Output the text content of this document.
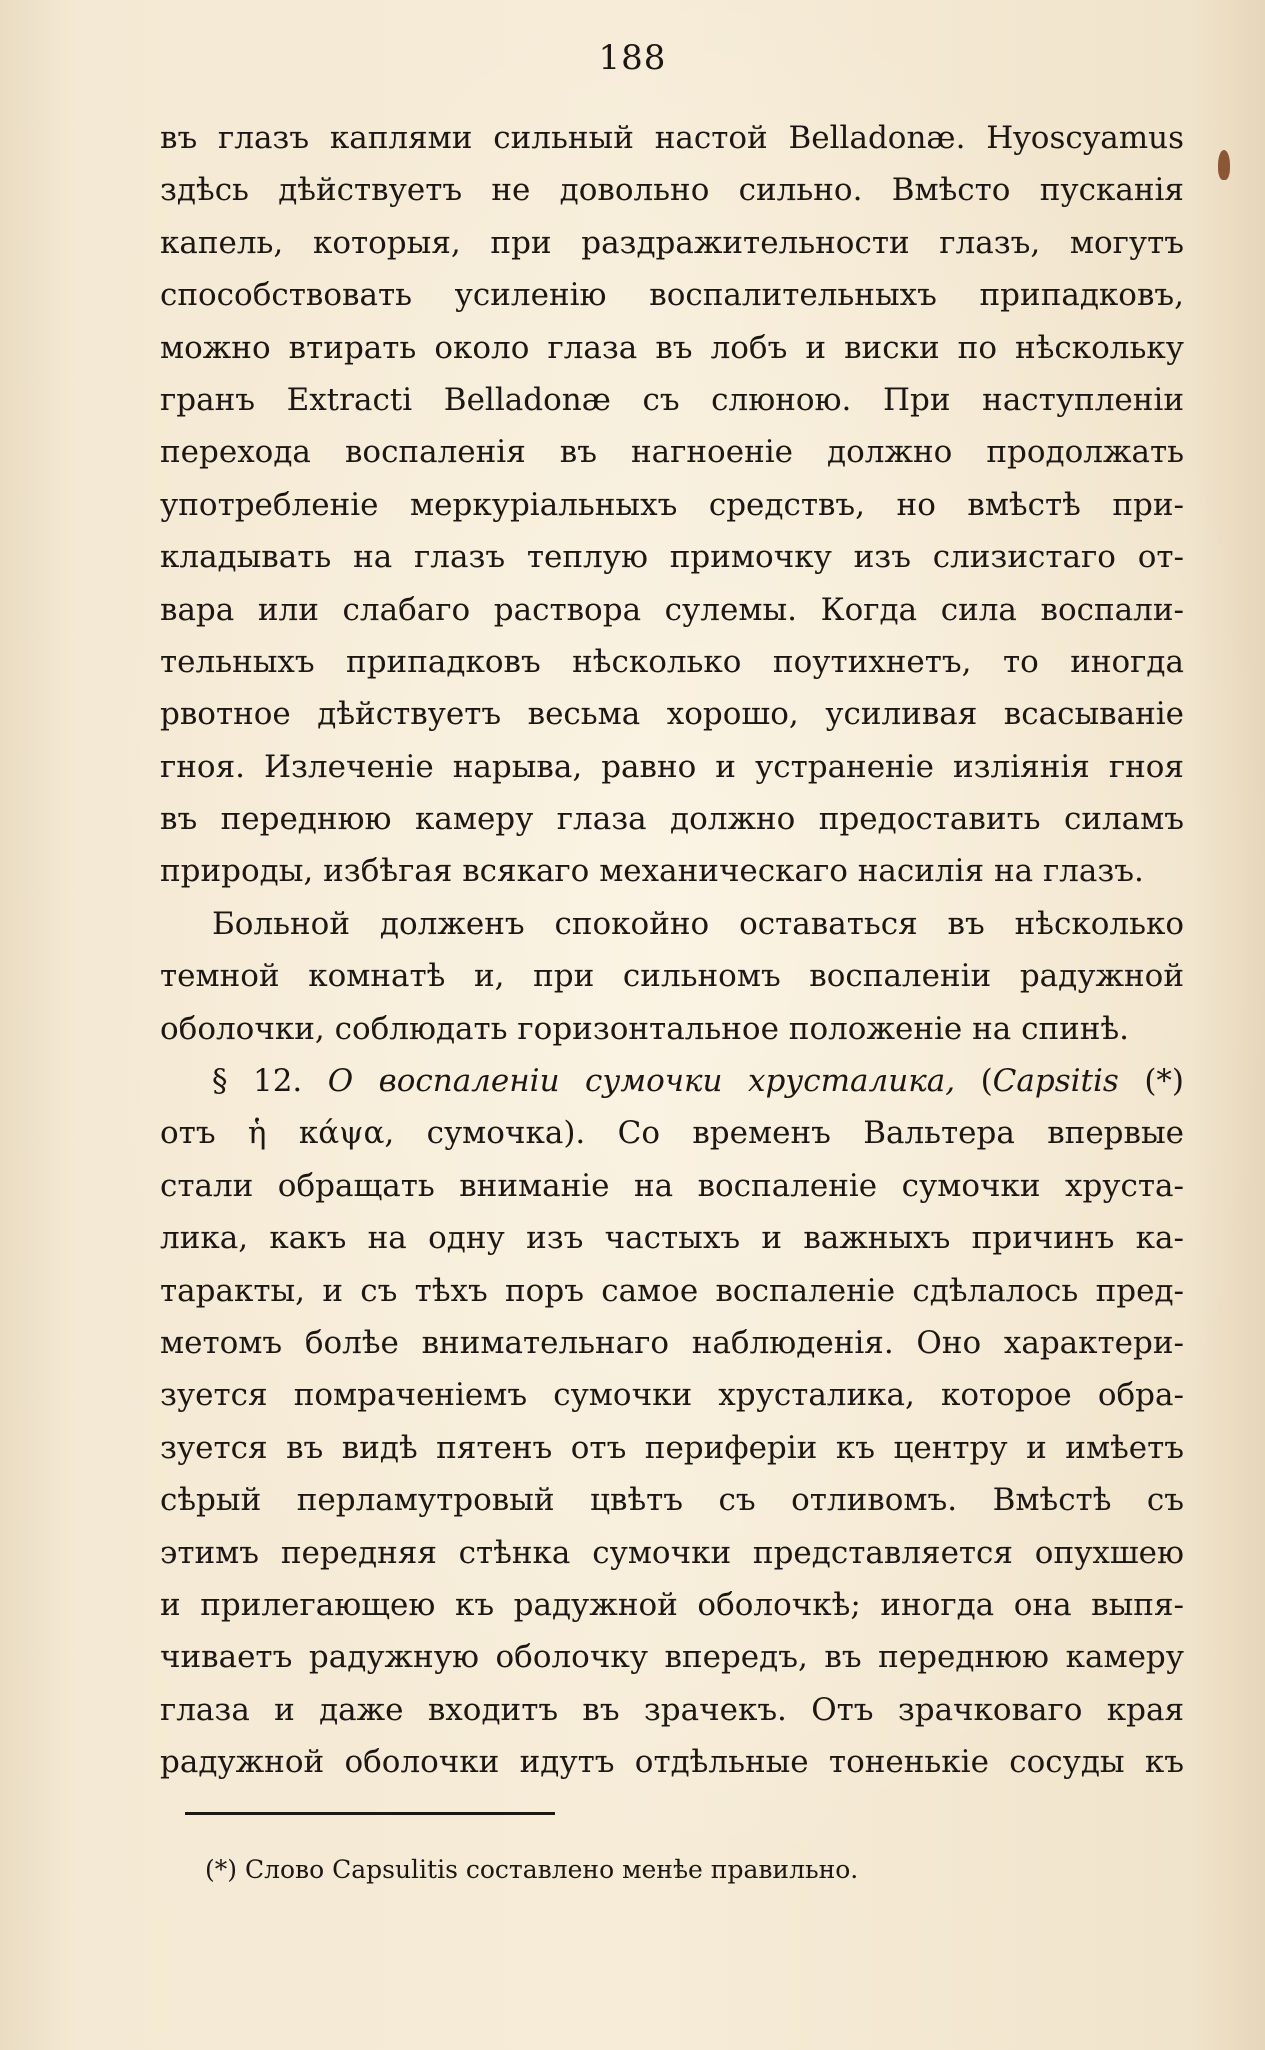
188
въ глазъ каплями сильный настой Belladonæ. Hyoscyamus
здѣсь дѣйствуетъ не довольно сильно. Вмѣсто пусканія
капель, которыя, при раздражительности глазъ, могутъ
способствовать усиленію воспалительныхъ припадковъ,
можно втирать около глаза въ лобъ и виски по нѣскольку
гранъ Extracti Belladonæ съ слюною. При наступленіи
перехода воспаленія въ нагноеніе должно продолжать
употребленіе меркуріальныхъ средствъ, но вмѣстѣ при-
кладывать на глазъ теплую примочку изъ слизистаго от-
вара или слабаго раствора сулемы. Когда сила воспали-
тельныхъ припадковъ нѣсколько поутихнетъ, то иногда
рвотное дѣйствуетъ весьма хорошо, усиливая всасываніе
гноя. Излеченіе нарыва, равно и устраненіе изліянія гноя
въ переднюю камеру глаза должно предоставить силамъ
природы, избѣгая всякаго механическаго насилія на глазъ.
Больной долженъ спокойно оставаться въ нѣсколько
темной комнатѣ и, при сильномъ воспаленіи радужной
оболочки, соблюдать горизонтальное положеніе на спинѣ.
§ 12. О воспаленіи сумочки хрусталика, (Capsitis (*)
отъ ἡ κάψα, сумочка). Со временъ Вальтера впервые
стали обращать вниманіе на воспаленіе сумочки хруста-
лика, какъ на одну изъ частыхъ и важныхъ причинъ ка-
таракты, и съ тѣхъ поръ самое воспаленіе сдѣлалось пред-
метомъ болѣе внимательнаго наблюденія. Оно характери-
зуется помраченіемъ сумочки хрусталика, которое обра-
зуется въ видѣ пятенъ отъ периферіи къ центру и имѣетъ
сѣрый перламутровый цвѣтъ съ отливомъ. Вмѣстѣ съ
этимъ передняя стѣнка сумочки представляется опухшею
и прилегающею къ радужной оболочкѣ; иногда она выпя-
чиваетъ радужную оболочку впередъ, въ переднюю камеру
глаза и даже входитъ въ зрачекъ. Отъ зрачковаго края
радужной оболочки идутъ отдѣльные тоненькіе сосуды къ
(*) Слово Capsulitis составлено менѣе правильно.
